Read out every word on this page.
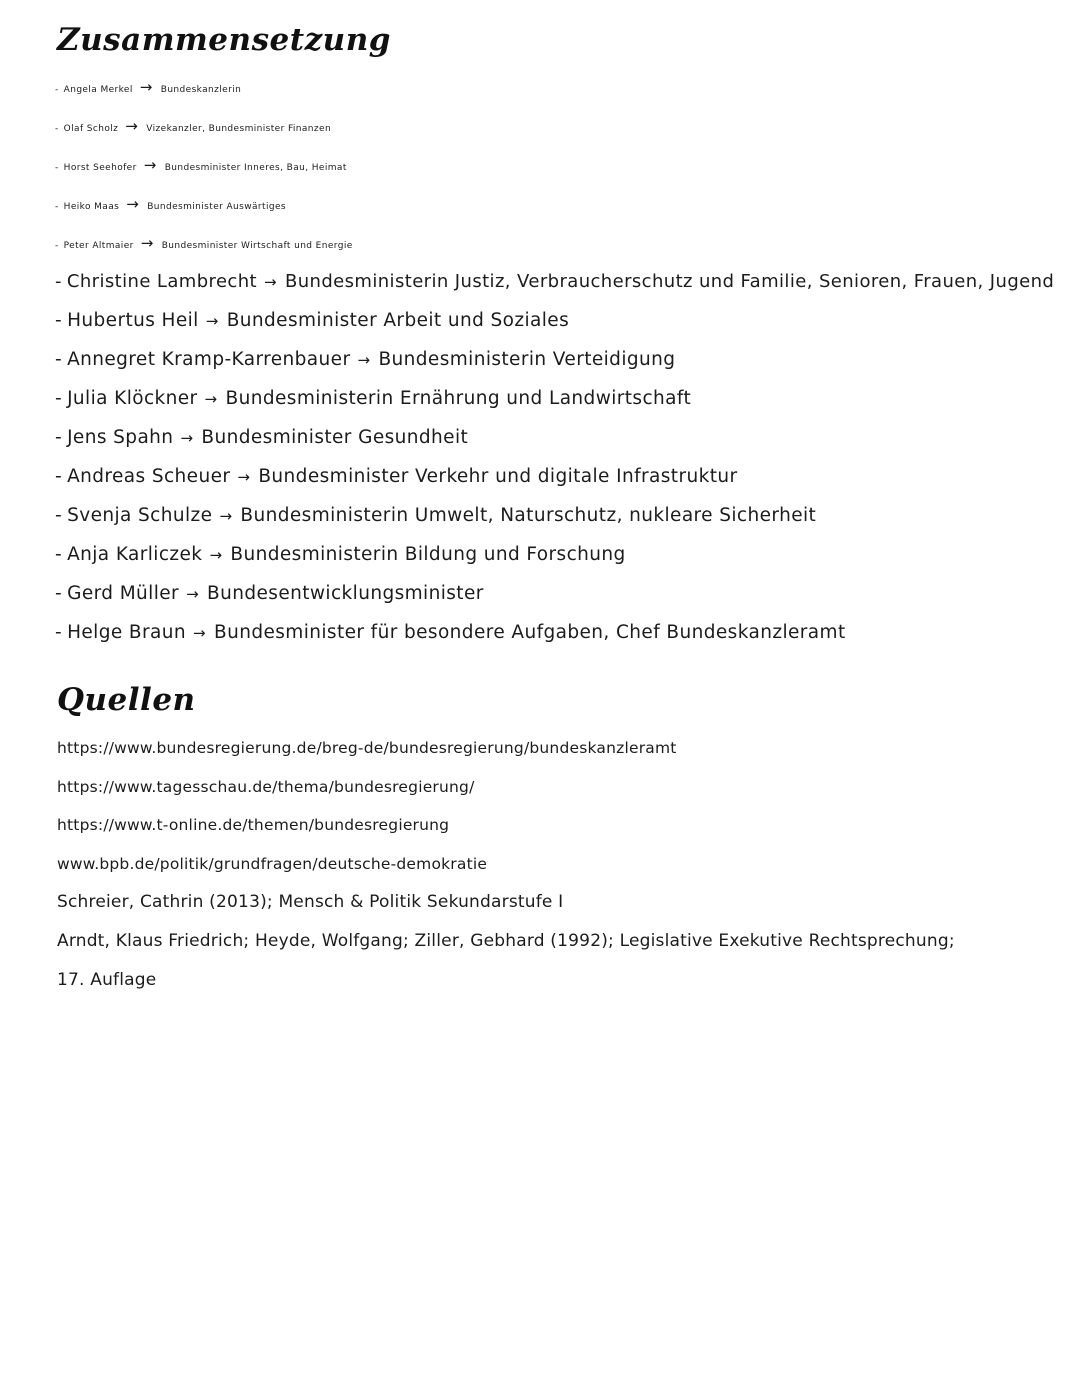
Zusammensetzung
- Angela Merkel → Bundeskanzlerin
- Olaf Scholz → Vizekanzler, Bundesminister Finanzen
- Horst Seehofer → Bundesminister Inneres, Bau, Heimat
- Heiko Maas → Bundesminister Auswärtiges
- Peter Altmaier → Bundesminister Wirtschaft und Energie
- Christine Lambrecht → Bundesministerin Justiz, Verbraucherschutz und Familie, Senioren, Frauen, Jugend
- Hubertus Heil → Bundesminister Arbeit und Soziales
- Annegret Kramp-Karrenbauer → Bundesministerin Verteidigung
- Julia Klöckner → Bundesministerin Ernährung und Landwirtschaft
- Jens Spahn → Bundesminister Gesundheit
- Andreas Scheuer → Bundesminister Verkehr und digitale Infrastruktur
- Svenja Schulze → Bundesministerin Umwelt, Naturschutz, nukleare Sicherheit
- Anja Karliczek → Bundesministerin Bildung und Forschung
- Gerd Müller → Bundesentwicklungsminister
- Helge Braun → Bundesminister für besondere Aufgaben, Chef Bundeskanzleramt
Quellen
https://www.bundesregierung.de/breg-de/bundesregierung/bundeskanzleramt
https://www.tagesschau.de/thema/bundesregierung/
https://www.t-online.de/themen/bundesregierung
www.bpb.de/politik/grundfragen/deutsche-demokratie
Schreier, Cathrin (2013); Mensch & Politik Sekundarstufe I
Arndt, Klaus Friedrich; Heyde, Wolfgang; Ziller, Gebhard (1992); Legislative Exekutive Rechtsprechung;
17. Auflage
